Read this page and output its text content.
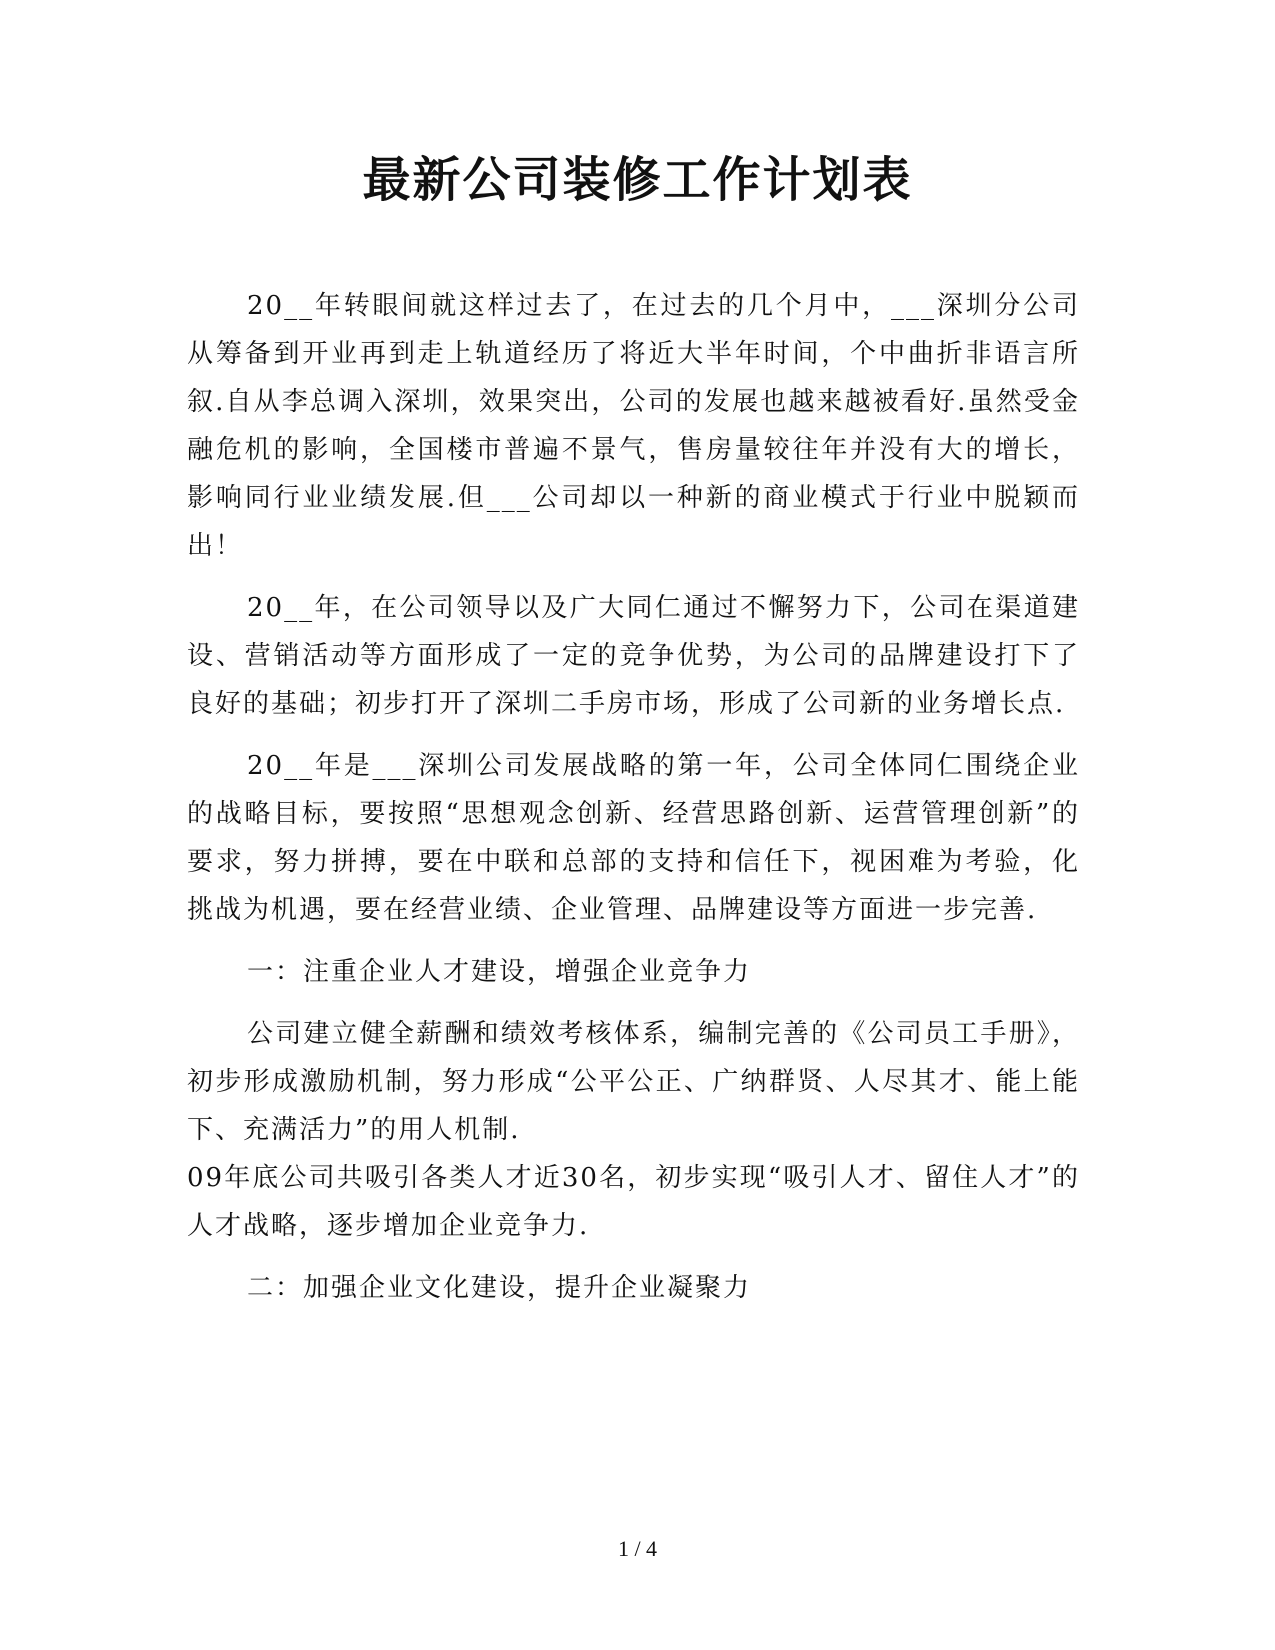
最新公司装修工作计划表

20__年转眼间就这样过去了，在过去的几个月中，___深圳分公司从筹备到开业再到走上轨道经历了将近大半年时间，个中曲折非语言所叙.自从李总调入深圳，效果突出，公司的发展也越来越被看好.虽然受金融危机的影响，全国楼市普遍不景气，售房量较往年并没有大的增长，影响同行业业绩发展.但___公司却以一种新的商业模式于行业中脱颖而出！

20__年，在公司领导以及广大同仁通过不懈努力下，公司在渠道建设、营销活动等方面形成了一定的竞争优势，为公司的品牌建设打下了良好的基础；初步打开了深圳二手房市场，形成了公司新的业务增长点.

20__年是___深圳公司发展战略的第一年，公司全体同仁围绕企业的战略目标，要按照“思想观念创新、经营思路创新、运营管理创新”的要求，努力拼搏，要在中联和总部的支持和信任下，视困难为考验，化挑战为机遇，要在经营业绩、企业管理、品牌建设等方面进一步完善.

一：注重企业人才建设，增强企业竞争力

公司建立健全薪酬和绩效考核体系，编制完善的《公司员工手册》，初步形成激励机制，努力形成“公平公正、广纳群贤、人尽其才、能上能下、充满活力”的用人机制.

09年底公司共吸引各类人才近30名，初步实现“吸引人才、留住人才”的人才战略，逐步增加企业竞争力.

二：加强企业文化建设，提升企业凝聚力

1 / 4
